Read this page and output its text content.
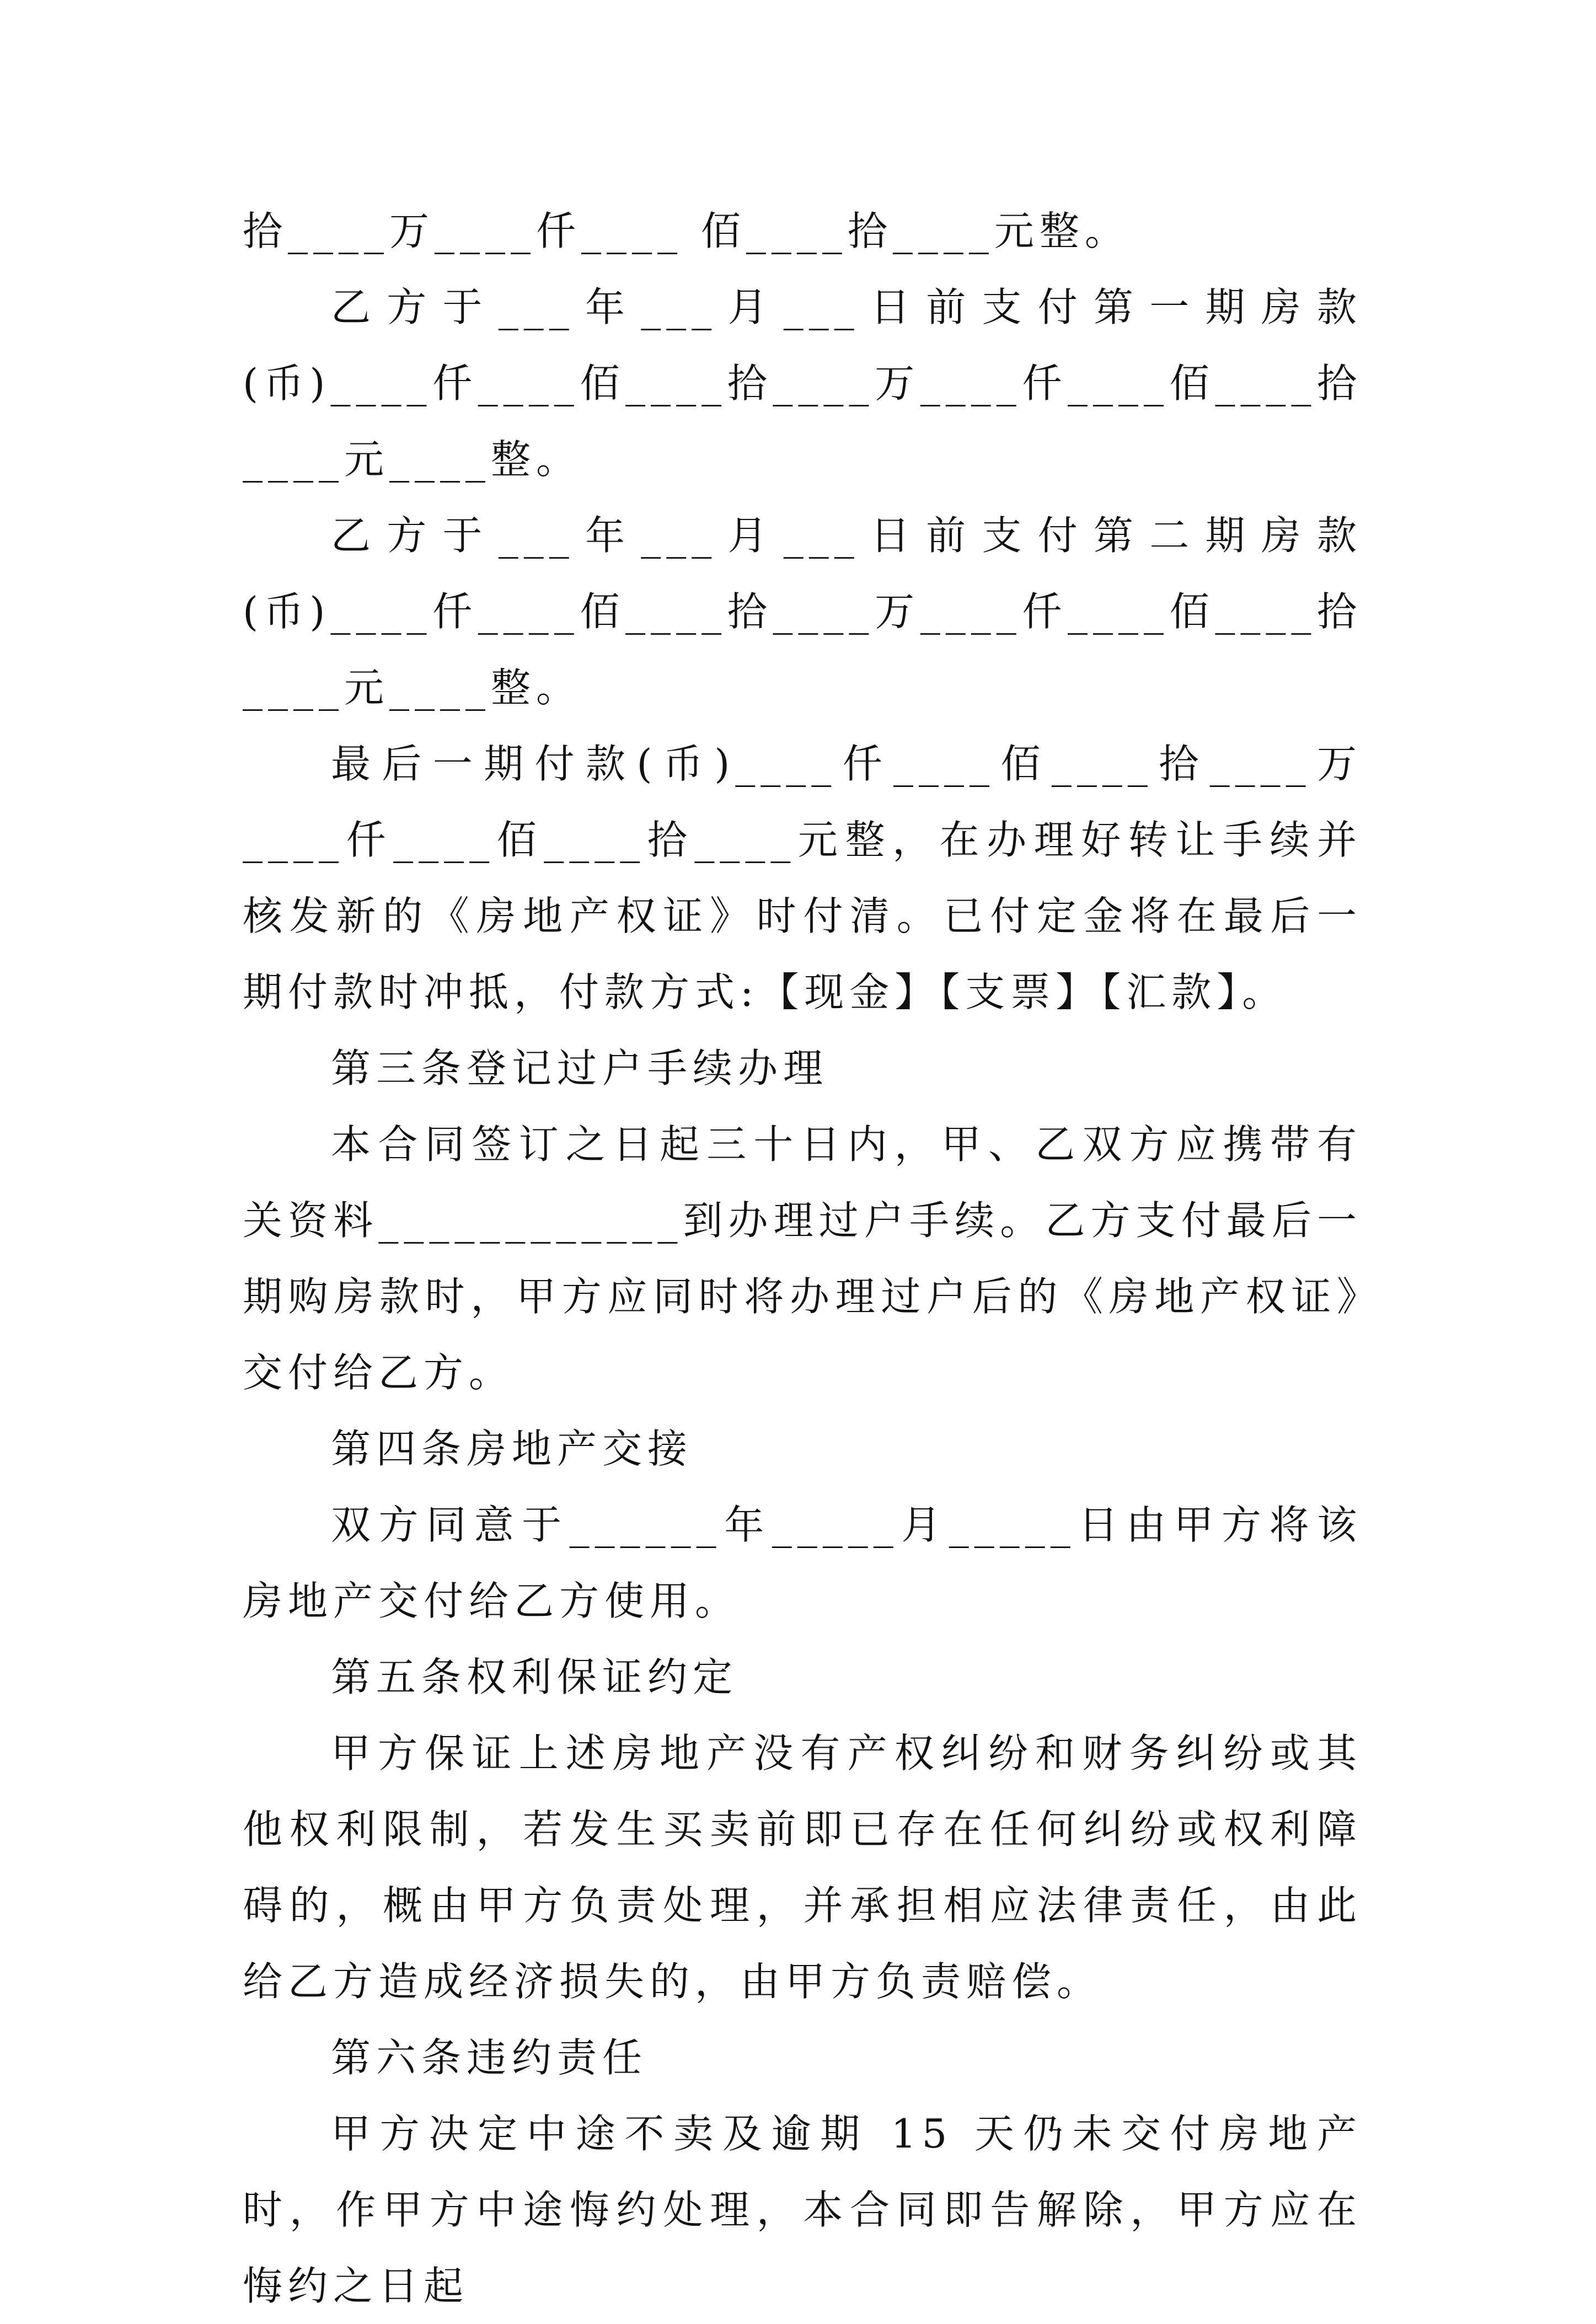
拾____万____仟____ 佰____拾____元整。

乙方于___年___月___日前支付第一期房款(币)____仟____佰____拾____万____仟____佰____拾____元____整。

乙方于___年___月___日前支付第二期房款(币)____仟____佰____拾____万____仟____佰____拾____元____整。

最后一期付款(币)____仟____佰____拾____万____仟____佰____拾____元整，在办理好转让手续并核发新的《房地产权证》时付清。已付定金将在最后一期付款时冲抵，付款方式:【现金】【支票】【汇款】。

第三条登记过户手续办理

本合同签订之日起三十日内，甲、乙双方应携带有关资料____________到办理过户手续。乙方支付最后一期购房款时，甲方应同时将办理过户后的《房地产权证》交付给乙方。

第四条房地产交接

双方同意于______年_____月_____日由甲方将该房地产交付给乙方使用。

第五条权利保证约定

甲方保证上述房地产没有产权纠纷和财务纠纷或其他权利限制，若发生买卖前即已存在任何纠纷或权利障碍的，概由甲方负责处理，并承担相应法律责任，由此给乙方造成经济损失的，由甲方负责赔偿。

第六条违约责任

甲方决定中途不卖及逾期 15 天仍未交付房地产时，作甲方中途悔约处理，本合同即告解除，甲方应在悔约之日起
